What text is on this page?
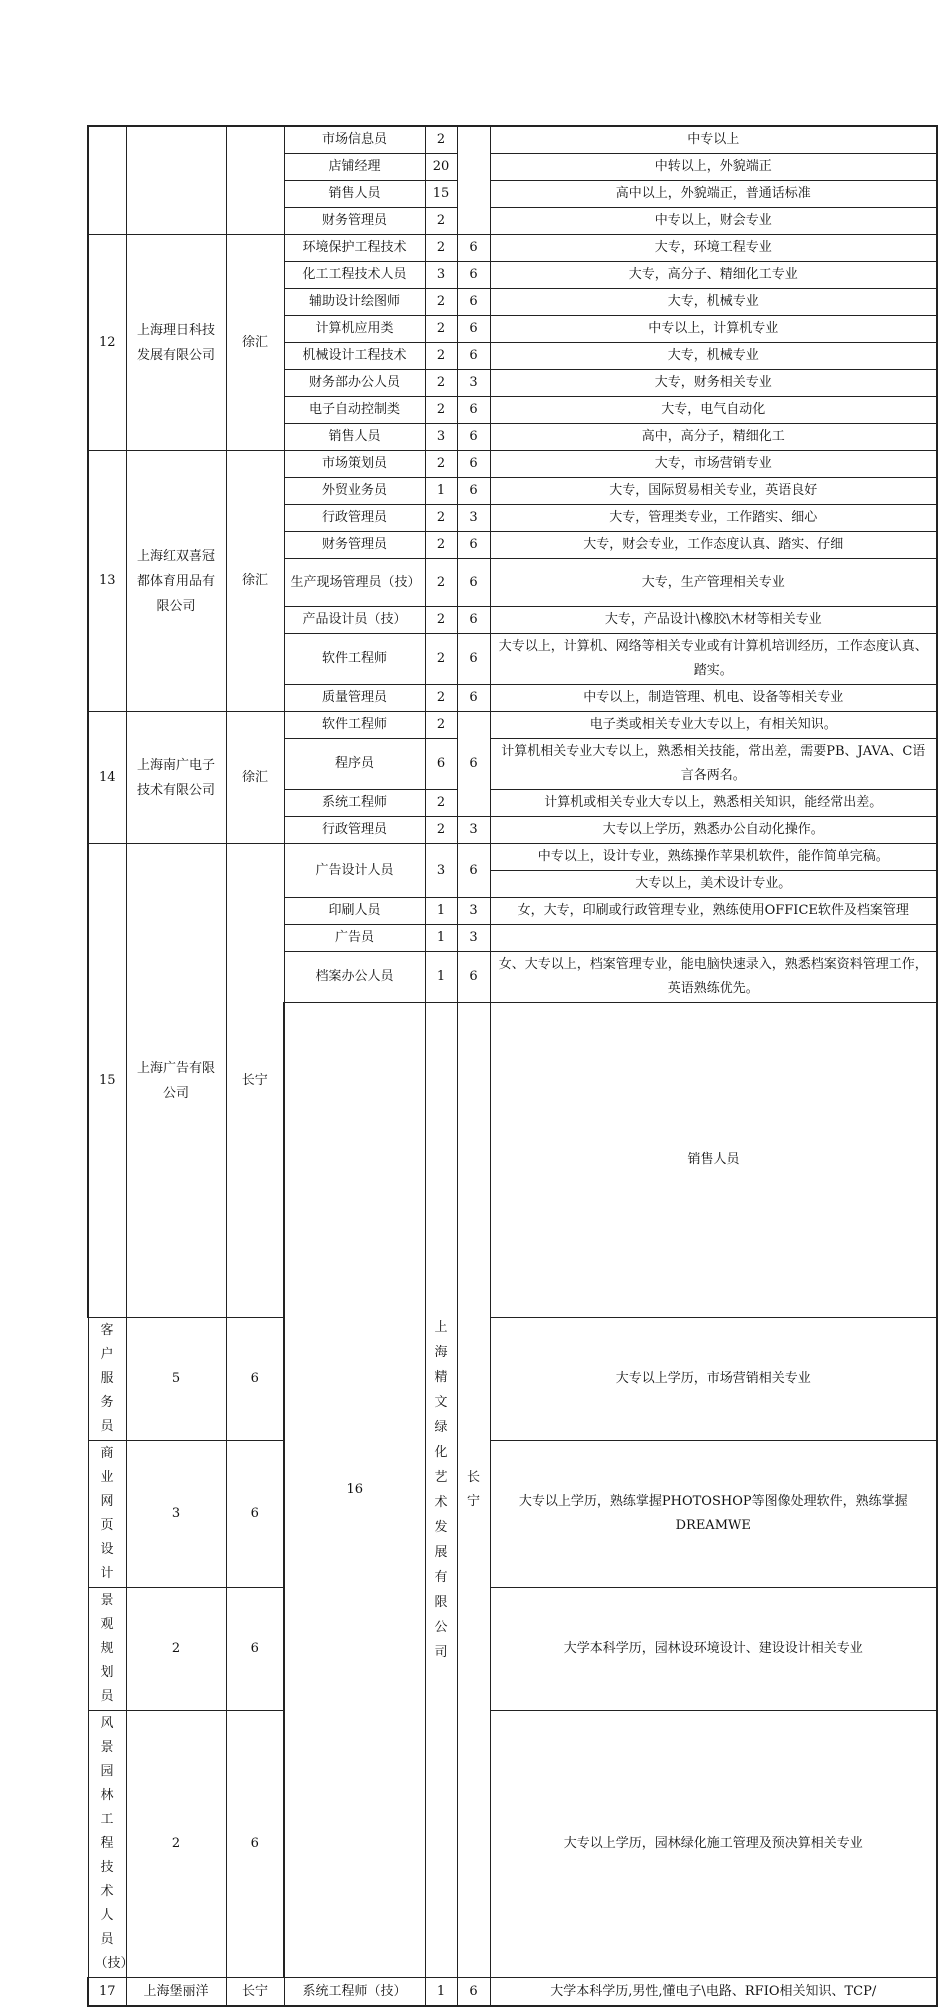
			市场信息员	2		中专以上	
			店铺经理	20		中转以上，外貌端正	
			销售人员	15		高中以上，外貌端正，普通话标准	
			财务管理员	2		中专以上，财会专业	
12	上海理日科技发展有限公司	徐汇	环境保护工程技术	2	6	大专，环境工程专业	
			化工工程技术人员	3	6	大专，高分子、精细化工专业	
			辅助设计绘图师	2	6	大专，机械专业	
			计算机应用类	2	6	中专以上，计算机专业	
			机械设计工程技术	2	6	大专，机械专业	
			财务部办公人员	2	3	大专，财务相关专业	
			电子自动控制类	2	6	大专，电气自动化	
			销售人员	3	6	高中，高分子，精细化工	
13	上海红双喜冠都体育用品有限公司	徐汇	市场策划员	2	6	大专，市场营销专业	
			外贸业务员	1	6	大专，国际贸易相关专业，英语良好	
			行政管理员	2	3	大专，管理类专业，工作踏实、细心	
			财务管理员	2	6	大专，财会专业，工作态度认真、踏实、仔细	
			生产现场管理员（技）	2	6	大专，生产管理相关专业	
			产品设计员（技）	2	6	大专，产品设计\橡胶\木材等相关专业	
			软件工程师	2	6	大专以上，计算机、网络等相关专业或有计算机培训经历，工作态度认真、踏实。	
			质量管理员	2	6	中专以上，制造管理、机电、设备等相关专业	
14	上海南广电子技术有限公司	徐汇	软件工程师	2	6	电子类或相关专业大专以上，有相关知识。	
			程序员	6		计算机相关专业大专以上，熟悉相关技能，常出差，需要PB、JAVA、C语言各两名。	
			系统工程师	2		计算机或相关专业大专以上，熟悉相关知识，能经常出差。	
			行政管理员	2	3	大专以上学历，熟悉办公自动化操作。	
15	上海广告有限公司	长宁	广告设计人员	3	6	中专以上，设计专业，熟练操作苹果机软件，能作简单完稿。	
						大专以上，美术设计专业。	
			印刷人员	1	3	女，大专，印刷或行政管理专业，熟练使用OFFICE软件及档案管理	
			广告员	1	3		
			档案办公人员	1	6	女、大专以上，档案管理专业，能电脑快速录入，熟悉档案资料管理工作，英语熟练优先。	
			16	上海精文绿化艺术发展有限公司	长宁	销售人员			
客户服务员	5	6				大专以上学历，市场营销相关专业	
商业网页设计	3	6				大专以上学历，熟练掌握PHOTOSHOP等图像处理软件，熟练掌握DREAMWE	
景观规划员	2	6				大学本科学历，园林设环境设计、建设设计相关专业	
风景园林工程技术人员（技）	2	6				大专以上学历，园林绿化施工管理及预决算相关专业	
17	上海堡丽洋	长宁	系统工程师（技）	1	6	大学本科学历,男性,懂电子\电路、RFIO相关知识、TCP/	
